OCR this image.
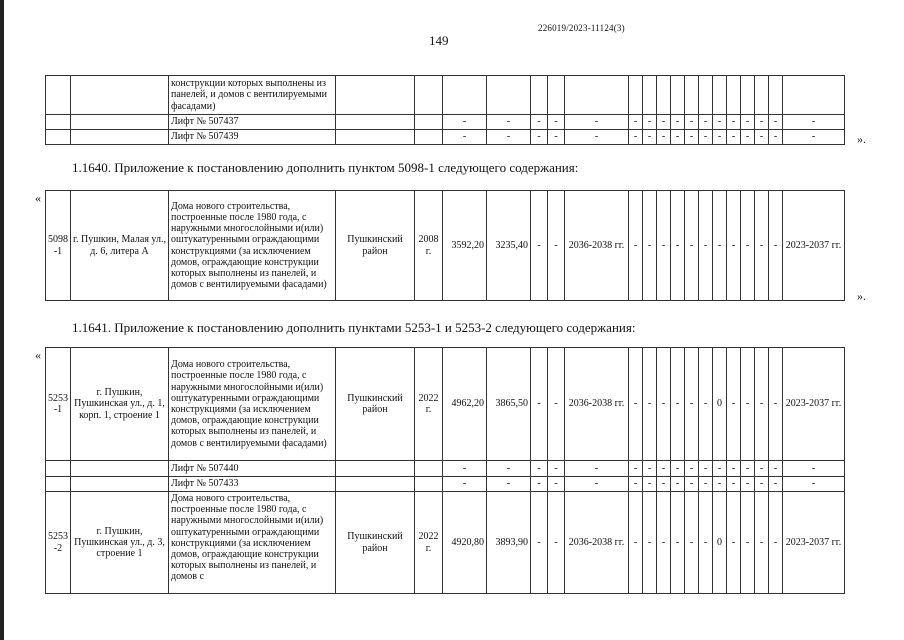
226019/2023-11124(3)
149
		конструкции которых выполнены из панелей, и домов с вентилируемыми фасадами)																			
		Лифт № 507437			-	-	-	-	-	-	-	-	-	-	-	-	-	-	-	-	-
		Лифт № 507439			-	-	-	-	-	-	-	-	-	-	-	-	-	-	-	-	-	».
1.1640. Приложение к постановлению дополнить пунктом 5098-1 следующего содержания:
«
5098 -1	г. Пушкин, Малая ул., д. 6, литера А	Дома нового строительства, построенные после 1980 года, с наружными многослойными и(или) оштукатуренными ограждающими конструкциями (за исключением домов, ограждающие конструкции которых выполнены из панелей, и домов с вентилируемыми фасадами)	Пушкинский район	2008 г.	3592,20	3235,40	-	-	2036-2038 гг.	-	-	-	-	-	-	-	-	-	-	-	2023-2037 гг.
».
1.1641. Приложение к постановлению дополнить пунктами 5253-1 и 5253-2 следующего содержания:
«
5253 -1	г. Пушкин, Пушкинская ул., д. 1, корп. 1, строение 1	Дома нового строительства, построенные после 1980 года, с наружными многослойными и(или) оштукатуренными ограждающими конструкциями (за исключением домов, ограждающие конструкции которых выполнены из панелей, и домов с вентилируемыми фасадами)	Пушкинский район	2022 г.	4962,20	3865,50	-	-	2036-2038 гг.	-	-	-	-	-	-	0	-	-	-	-	2023-2037 гг.
		Лифт № 507440			-	-	-	-	-	-	-	-	-	-	-	-	-	-	-	-	-
		Лифт № 507433			-	-	-	-	-	-	-	-	-	-	-	-	-	-	-	-	-
5253 -2	г. Пушкин, Пушкинская ул., д. 3, строение 1	Дома нового строительства, построенные после 1980 года, с наружными многослойными и(или) оштукатуренными ограждающими конструкциями (за исключением домов, ограждающие конструкции которых выполнены из панелей, и домов с	Пушкинский район	2022 г.	4920,80	3893,90	-	-	2036-2038 гг.	-	-	-	-	-	-	0	-	-	-	-	2023-2037 гг.
